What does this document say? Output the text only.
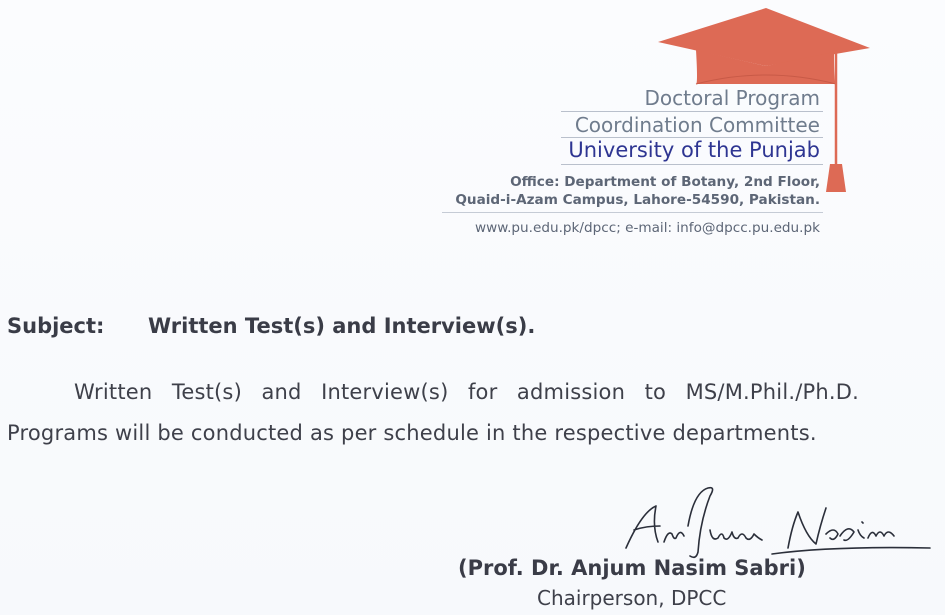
Doctoral Program
Coordination Committee
University of the Punjab
Office: Department of Botany, 2nd Floor,
Quaid-i-Azam Campus, Lahore-54590, Pakistan.
www.pu.edu.pk/dpcc; e-mail: info@dpcc.pu.edu.pk
Subject: Written Test(s) and Interview(s).
Written Test(s) and Interview(s) for admission to MS/M.Phil./Ph.D. Programs will be conducted as per schedule in the respective departments.
(Prof. Dr. Anjum Nasim Sabri)
Chairperson, DPCC
